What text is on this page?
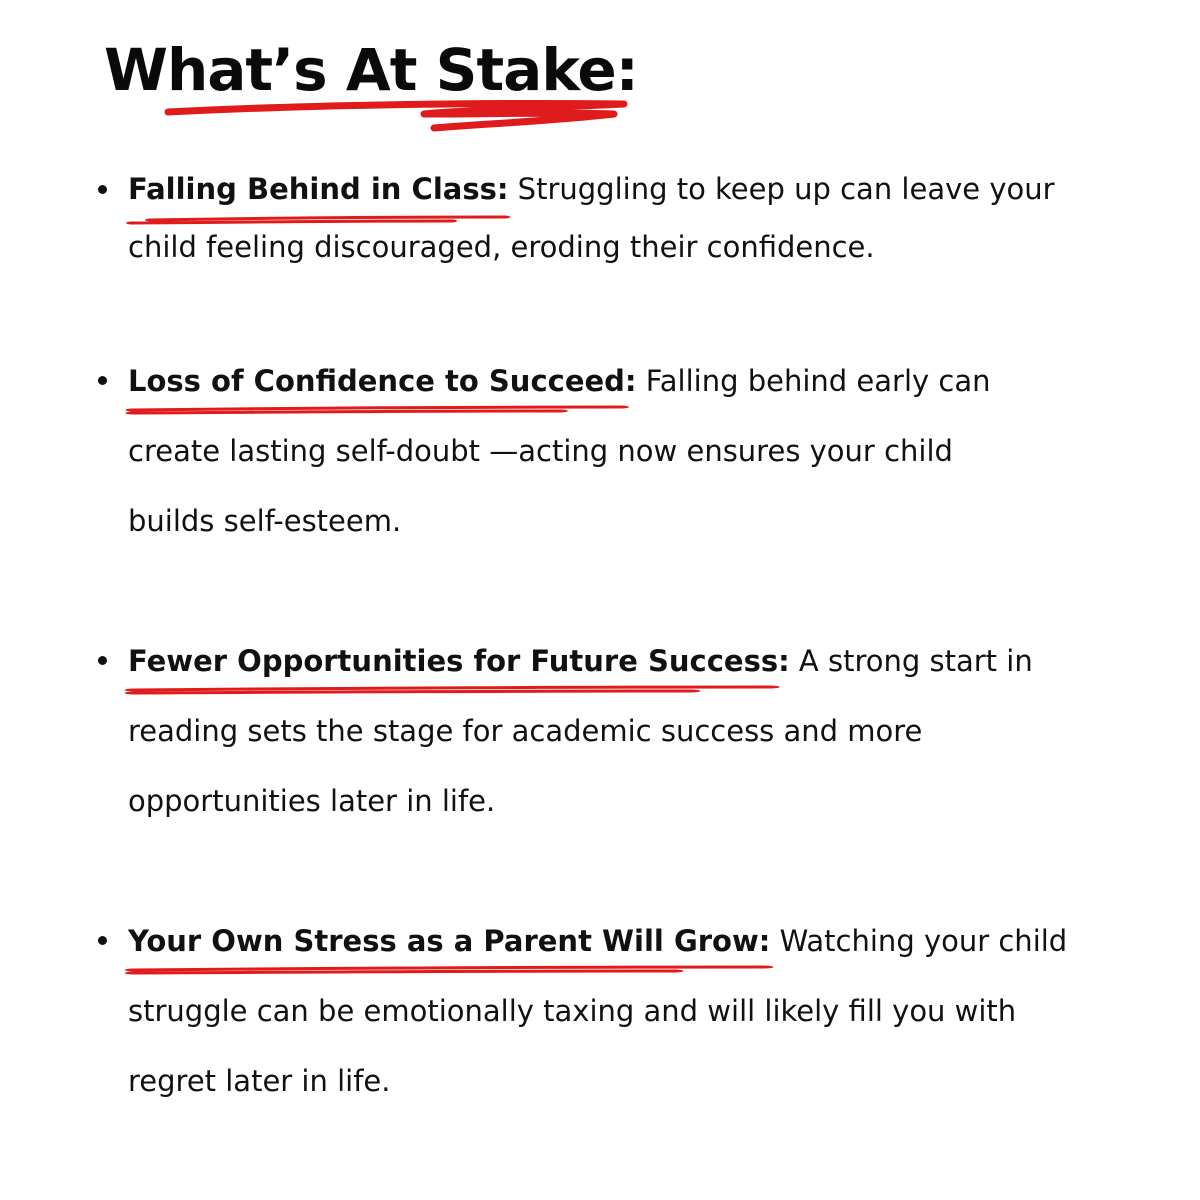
What’s At Stake:
Falling Behind in Class:
Struggling to keep up can leave your
child feeling discouraged, eroding their confidence.
Loss of Confidence to Succeed:
Falling behind early can
create lasting self-doubt —acting now ensures your child
builds self-esteem.
Fewer Opportunities for Future Success:
A strong start in
reading sets the stage for academic success and more
opportunities later in life.
Your Own Stress as a Parent Will Grow:
Watching your child
struggle can be emotionally taxing and will likely fill you with
regret later in life.
